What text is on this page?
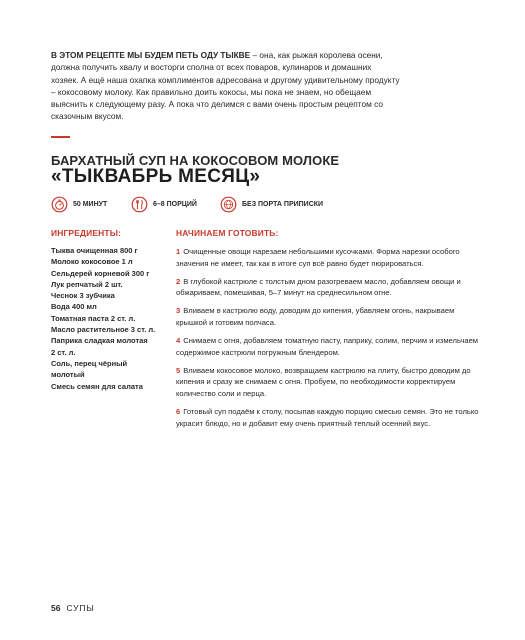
В ЭТОМ РЕЦЕПТЕ МЫ БУДЕМ ПЕТЬ ОДУ ТЫКВЕ – она, как рыжая королева осени, должна получить хвалу и восторги сполна от всех поваров, кулинаров и домашних хозяек. А ещё наша охапка комплиментов адресована и другому удивительному продукту – кокосовому молоку. Как правильно доить кокосы, мы пока не знаем, но обещаем выяснить к следующему разу. А пока что делимся с вами очень простым рецептом со сказочным вкусом.
БАРХАТНЫЙ СУП НА КОКОСОВОМ МОЛОКЕ
«ТЫКВАБРЬ МЕСЯЦ»
50 МИНУТ	6–8 ПОРЦИЙ	БЕЗ ПОРТА ПРИПИСКИ
ИНГРЕДИЕНТЫ:	НАЧИНАЕМ ГОТОВИТЬ:
Тыква очищенная 800 г
Молоко кокосовое 1 л
Сельдерей корневой 300 г
Лук репчатый 2 шт.
Чеснок 3 зубчика
Вода 400 мл
Томатная паста 2 ст. л.
Масло растительное 3 ст. л.
Паприка сладкая молотая
2 ст. л.
Соль, перец чёрный
молотый
Смесь семян для салата
1 Очищенные овощи нарезаем небольшими кусочками. Форма нарезки особого значения не имеет, так как в итоге суп всё равно будет пюрироваться.
2 В глубокой кастрюле с толстым дном разогреваем масло, добавляем овощи и обжариваем, помешивая, 5–7 минут на среднесильном огне.
3 Вливаем в кастрюлю воду, доводим до кипения, убавляем огонь, накрываем крышкой и готовим полчаса.
4 Снимаем с огня, добавляем томатную пасту, паприку, солим, перчим и измельчаем содержимое кастрюли погружным блендером.
5 Вливаем кокосовое молоко, возвращаем кастрюлю на плиту, быстро доводим до кипения и сразу же снимаем с огня. Пробуем, по необходимости корректируем количество соли и перца.
6 Готовый суп подаём к столу, посыпав каждую порцию смесью семян. Это не только украсит блюдо, но и добавит ему очень приятный теплый осенний вкус.
56 СУПЫ
